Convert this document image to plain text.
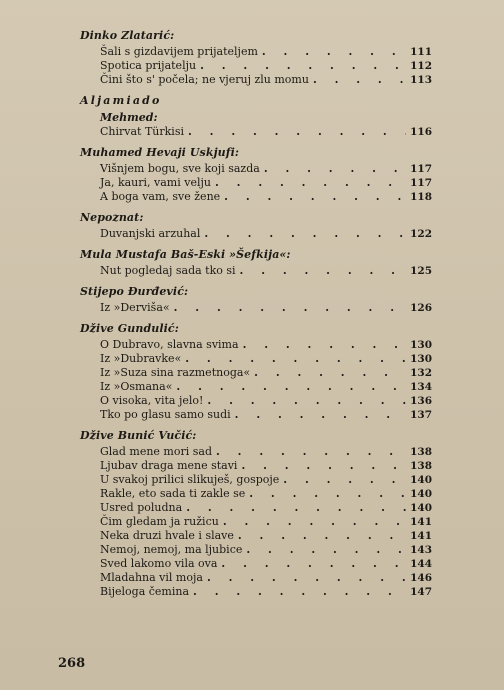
Dinko Zlatarić:
Šali s gizdavijem prijateljem . . .	111
Spotica prijatelju . . .	112
Čini što s' počela; ne vjeruj zlu momu . . .	113
Aljamiado
Mehmed:
Chirvat Türkisi . . .	116
Muhamed Hevaji Uskjufi:
Višnjem bogu, sve koji sazda . . .	117
Ja, kauri, vami velju . . .	117
A boga vam, sve žene . . .	118
Nepoznat:
Duvanjski arzuhal . . .	122
Mula Mustafa Baš-Eski »Šefkija«:
Nut pogledaj sada tko si . . .	125
Stijepo Đurđević:
Iz »Derviša« . . .	126
Džive Gundulić:
O Dubravo, slavna svima . . .	130
Iz »Dubravke« . . .	130
Iz »Suza sina razmetnoga« . . .	132
Iz »Osmana« . . .	134
O visoka, vita jelo! . . .	136
Tko po glasu samo sudi . . .	137
Džive Bunić Vučić:
Glad mene mori sad . . .	138
Ljubav draga mene stavi . . .	138
U svakoj prilici slikuješ, gospoje . . .	140
Rakle, eto sada ti zakle se . . .	140
Usred poludna . . .	140
Čim gledam ja ružicu . . .	141
Neka druzi hvale i slave . . .	141
Nemoj, nemoj, ma ljubice . . .	143
Sved lakomo vila ova . . .	144
Mladahna vil moja . . .	146
Bijeloga čemina . . .	147
268
